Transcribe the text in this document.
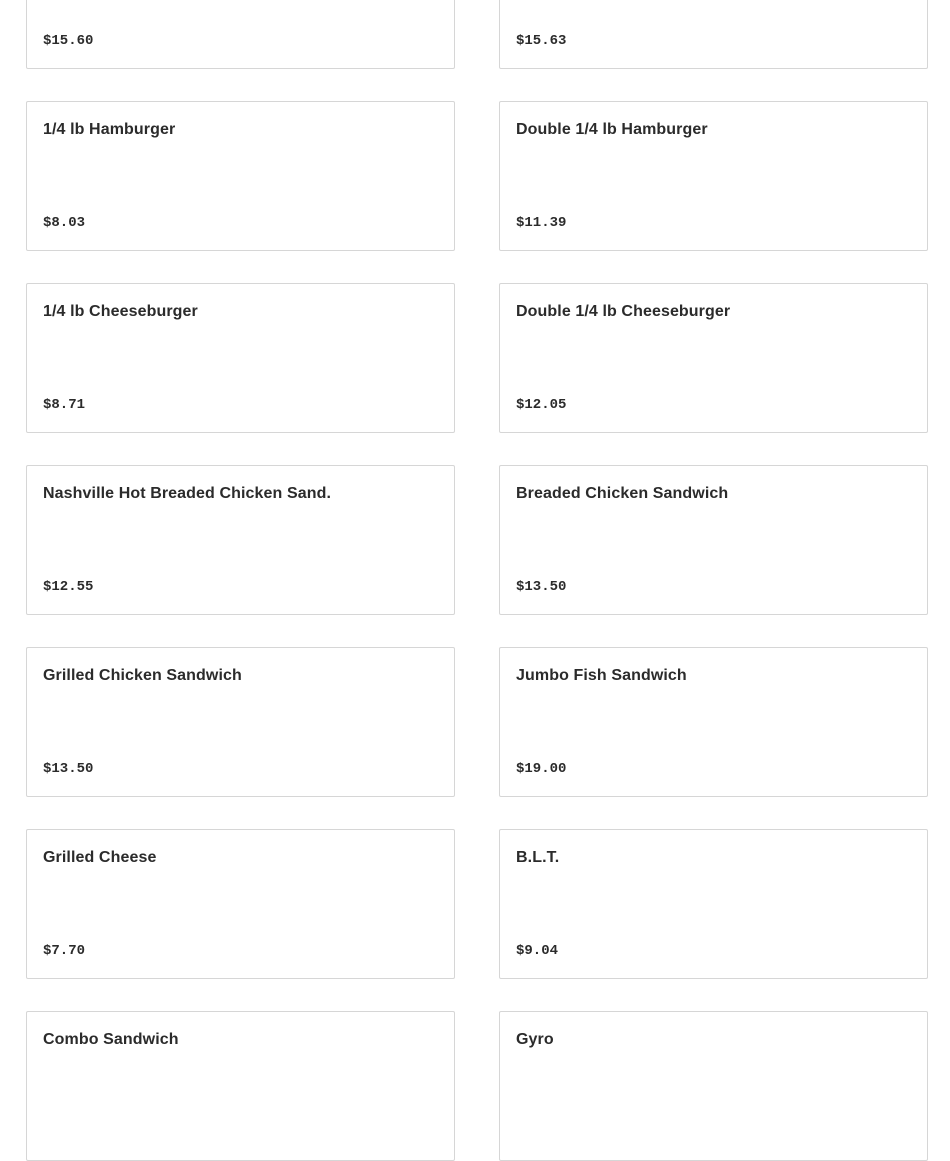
$15.60	$15.63
1/4 lb Hamburger
$8.03
Double 1/4 lb Hamburger
$11.39
1/4 lb Cheeseburger
$8.71
Double 1/4 lb Cheeseburger
$12.05
Nashville Hot Breaded Chicken Sand.
$12.55
Breaded Chicken Sandwich
$13.50
Grilled Chicken Sandwich
$13.50
Jumbo Fish Sandwich
$19.00
Grilled Cheese
$7.70
B.L.T.
$9.04
Combo Sandwich	Gyro
